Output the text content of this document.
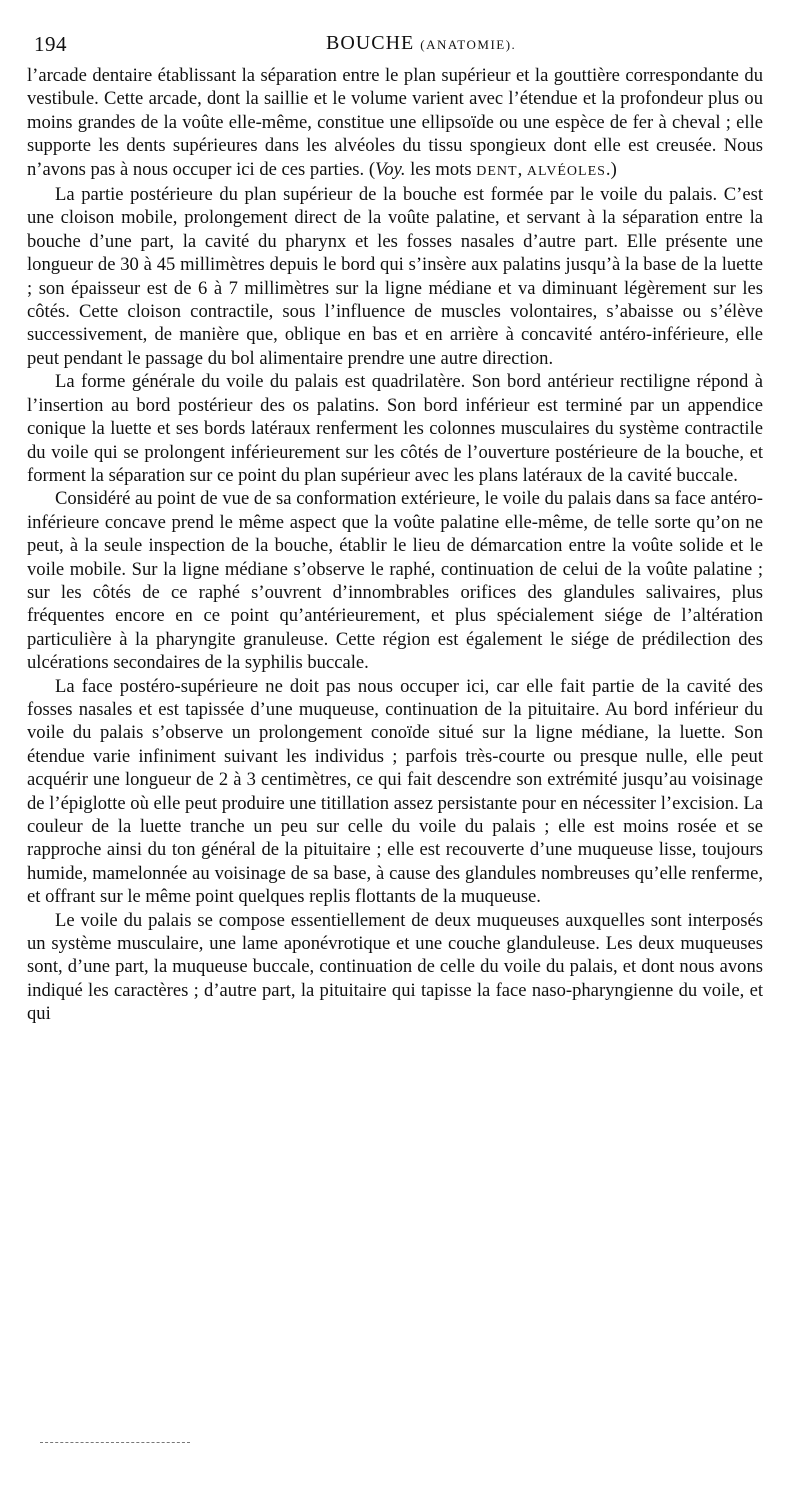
194	BOUCHE (ANATOMIE).

l’arcade dentaire établissant la séparation entre le plan supérieur et la gouttière correspondante du vestibule. Cette arcade, dont la saillie et le volume varient avec l’étendue et la profondeur plus ou moins grandes de la voûte elle-même, constitue une ellipsoïde ou une espèce de fer à cheval ; elle supporte les dents supérieures dans les alvéoles du tissu spongieux dont elle est creusée. Nous n’avons pas à nous occuper ici de ces parties. (Voy. les mots DENT, ALVÉOLES.)

La partie postérieure du plan supérieur de la bouche est formée par le voile du palais. C’est une cloison mobile, prolongement direct de la voûte palatine, et servant à la séparation entre la bouche d’une part, la cavité du pharynx et les fosses nasales d’autre part. Elle présente une longueur de 30 à 45 millimètres depuis le bord qui s’insère aux palatins jusqu’à la base de la luette ; son épaisseur est de 6 à 7 millimètres sur la ligne médiane et va diminuant légèrement sur les côtés. Cette cloison contractile, sous l’influence de muscles volontaires, s’abaisse ou s’élève successivement, de manière que, oblique en bas et en arrière à concavité antéro-inférieure, elle peut pendant le passage du bol alimentaire prendre une autre direction.

La forme générale du voile du palais est quadrilatère. Son bord antérieur rectiligne répond à l’insertion au bord postérieur des os palatins. Son bord inférieur est terminé par un appendice conique la luette et ses bords latéraux renferment les colonnes musculaires du système contractile du voile qui se prolongent inférieurement sur les côtés de l’ouverture postérieure de la bouche, et forment la séparation sur ce point du plan supérieur avec les plans latéraux de la cavité buccale.

Considéré au point de vue de sa conformation extérieure, le voile du palais dans sa face antéro-inférieure concave prend le même aspect que la voûte palatine elle-même, de telle sorte qu’on ne peut, à la seule inspection de la bouche, établir le lieu de démarcation entre la voûte solide et le voile mobile. Sur la ligne médiane s’observe le raphé, continuation de celui de la voûte palatine ; sur les côtés de ce raphé s’ouvrent d’innombrables orifices des glandules salivaires, plus fréquentes encore en ce point qu’antérieurement, et plus spécialement siége de l’altération particulière à la pharyngite granuleuse. Cette région est également le siége de prédilection des ulcérations secondaires de la syphilis buccale.

La face postéro-supérieure ne doit pas nous occuper ici, car elle fait partie de la cavité des fosses nasales et est tapissée d’une muqueuse, continuation de la pituitaire. Au bord inférieur du voile du palais s’observe un prolongement conoïde situé sur la ligne médiane, la luette. Son étendue varie infiniment suivant les individus ; parfois très-courte ou presque nulle, elle peut acquérir une longueur de 2 à 3 centimètres, ce qui fait descendre son extrémité jusqu’au voisinage de l’épiglotte où elle peut produire une titillation assez persistante pour en nécessiter l’excision. La couleur de la luette tranche un peu sur celle du voile du palais ; elle est moins rosée et se rapproche ainsi du ton général de la pituitaire ; elle est recouverte d’une muqueuse lisse, toujours humide, mamelonnée au voisinage de sa base, à cause des glandules nombreuses qu’elle renferme, et offrant sur le même point quelques replis flottants de la muqueuse.

Le voile du palais se compose essentiellement de deux muqueuses auxquelles sont interposés un système musculaire, une lame aponévrotique et une couche glanduleuse. Les deux muqueuses sont, d’une part, la muqueuse buccale, continuation de celle du voile du palais, et dont nous avons indiqué les caractères ; d’autre part, la pituitaire qui tapisse la face naso-pharyngienne du voile, et qui
